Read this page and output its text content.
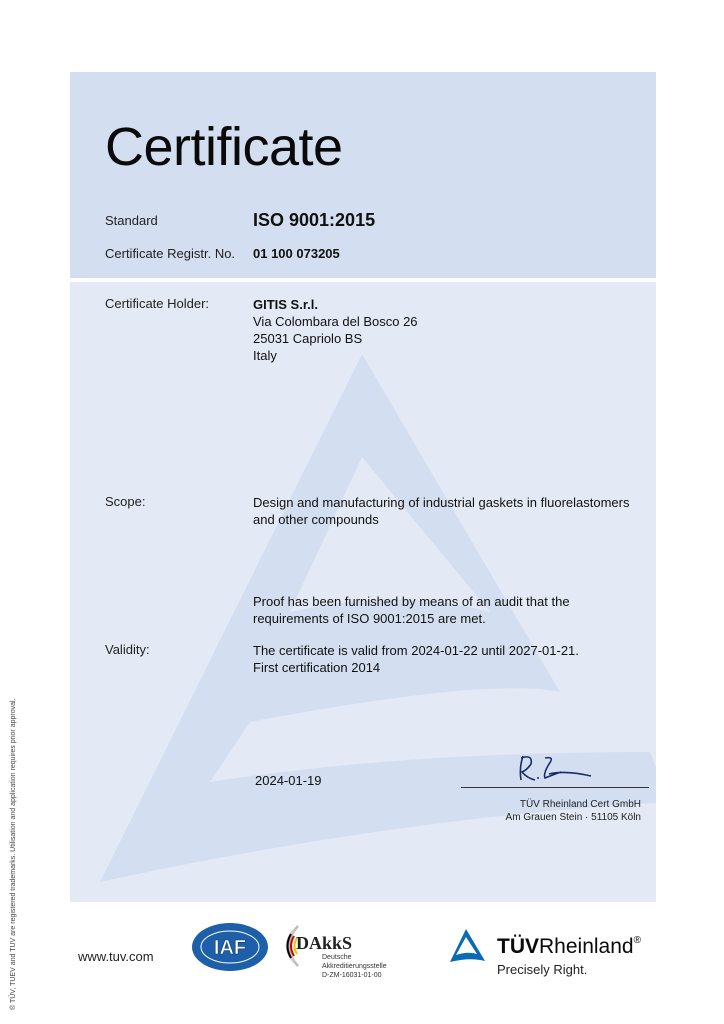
Certificate
Standard	ISO 9001:2015
Certificate Registr. No. 01 100 073205
Certificate Holder:	GITIS S.r.l.
Via Colombara del Bosco 26
25031 Capriolo BS
Italy
Scope:	Design and manufacturing of industrial gaskets in fluorelastomers
and other compounds
Proof has been furnished by means of an audit that the
requirements of ISO 9001:2015 are met.
Validity:	The certificate is valid from 2024-01-22 until 2027-01-21.
First certification 2014
2024-01-19
TÜV Rheinland Cert GmbH
Am Grauen Stein · 51105 Köln
® TÜV, TUEV and TUV are registered trademarks. Utilisation and application requires prior approval.	www.tuv.com	IAF	DAkkS
Deutsche
Akkreditierungsstelle
D-ZM-16031-01-00
TÜVRheinland®
Precisely Right.
